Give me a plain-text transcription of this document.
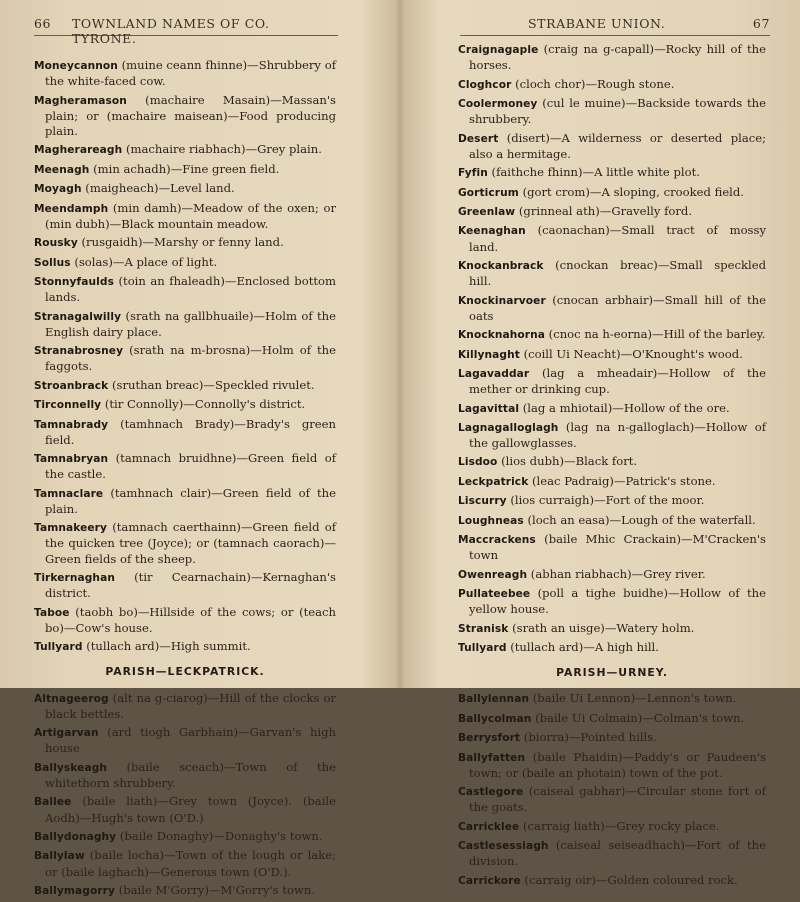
66 TOWNLAND NAMES OF CO. TYRONE.

Moneycannon (muine ceann fhinne)—Shrubbery of the white-faced cow.
Magheramason (machaire Masain)—Massan's plain; or (machaire maisean)—Food producing plain.
Magherareagh (machaire riabhach)—Grey plain.
Meenagh (min achadh)—Fine green field.
Moyagh (maigheach)—Level land.
Meendamph (min damh)—Meadow of the oxen; or (min dubh)—Black mountain meadow.
Rousky (rusgaidh)—Marshy or fenny land.
Sollus (solas)—A place of light.
Stonnyfaulds (toin an fhaleadh)—Enclosed bottom lands.
Stranagalwilly (srath na gallbhuaile)—Holm of the English dairy place.
Stranabrosney (srath na m-brosna)—Holm of the faggots.
Stroanbrack (sruthan breac)—Speckled rivulet.
Tirconnelly (tir Connolly)—Connolly's district.
Tamnabrady (tamhnach Brady)—Brady's green field.
Tamnabryan (tamnach bruidhne)—Green field of the castle.
Tamnaclare (tamhnach clair)—Green field of the plain.
Tamnakeery (tamnach caerthainn)—Green field of the quicken tree (Joyce); or (tamnach caorach)—Green fields of the sheep.
Tirkernaghan (tir Cearnachain)—Kernaghan's district.
Taboe (taobh bo)—Hillside of the cows; or (teach bo)—Cow's house.
Tullyard (tullach ard)—High summit.
PARISH—LECKPATRICK.
Altnageerog (alt na g-ciarog)—Hill of the clocks or black bettles.
Artigarvan (ard tiogh Garbhain)—Garvan's high house
Ballyskeagh (baile sceach)—Town of the whitethorn shrubbery.
Ballee (baile liath)—Grey town (Joyce). (baile Aodh)—Hugh's town (O'D.)
Ballydonaghy (baile Donaghy)—Donaghy's town.
Ballylaw (baile locha)—Town of the lough or lake; or (baile laghach)—Generous town (O'D.).
Ballymagorry (baile M'Gorry)—M'Gorry's town.
STRABANE UNION.	67

Craignagaple (craig na g-capall)—Rocky hill of the horses.
Cloghcor (cloch chor)—Rough stone.
Coolermoney (cul le muine)—Backside towards the shrubbery.
Desert (disert)—A wilderness or deserted place; also a hermitage.
Fyfin (faithche fhinn)—A little white plot.
Gorticrum (gort crom)—A sloping, crooked field.
Greenlaw (grinneal ath)—Gravelly ford.
Keenaghan (caonachan)—Small tract of mossy land.
Knockanbrack (cnockan breac)—Small speckled hill.
Knockinarvoer (cnocan arbhair)—Small hill of the oats
Knocknahorna (cnoc na h-eorna)—Hill of the barley.
Killynaght (coill Ui Neacht)—O'Knought's wood.
Lagavaddar (lag a mheadair)—Hollow of the mether or drinking cup.
Lagavittal (lag a mhiotail)—Hollow of the ore.
Lagnagalloglagh (lag na n-galloglach)—Hollow of the gallowglasses.
Lisdoo (lios dubh)—Black fort.
Leckpatrick (leac Padraig)—Patrick's stone.
Liscurry (lios curraigh)—Fort of the moor.
Loughneas (loch an easa)—Lough of the waterfall.
Maccrackens (baile Mhic Crackain)—M'Cracken's town
Owenreagh (abhan riabhach)—Grey river.
Pullateebee (poll a tighe buidhe)—Hollow of the yellow house.
Stranisk (srath an uisge)—Watery holm.
Tullyard (tullach ard)—A high hill.
PARISH—URNEY.
Ballylennan (baile Ui Lennon)—Lennon's town.
Ballycolman (baile Ui Colmain)—Colman's town.
Berrysfort (biorra)—Pointed hills.
Ballyfatten (baile Phaidin)—Paddy's or Paudeen's town; or (baile an photain) town of the pot.
Castlegore (caiseal gabhar)—Circular stone fort of the goats.
Carricklee (carraig liath)—Grey rocky place.
Castlesessiagh (caiseal seiseadhach)—Fort of the division.
Carrickore (carraig oir)—Golden coloured rock.
